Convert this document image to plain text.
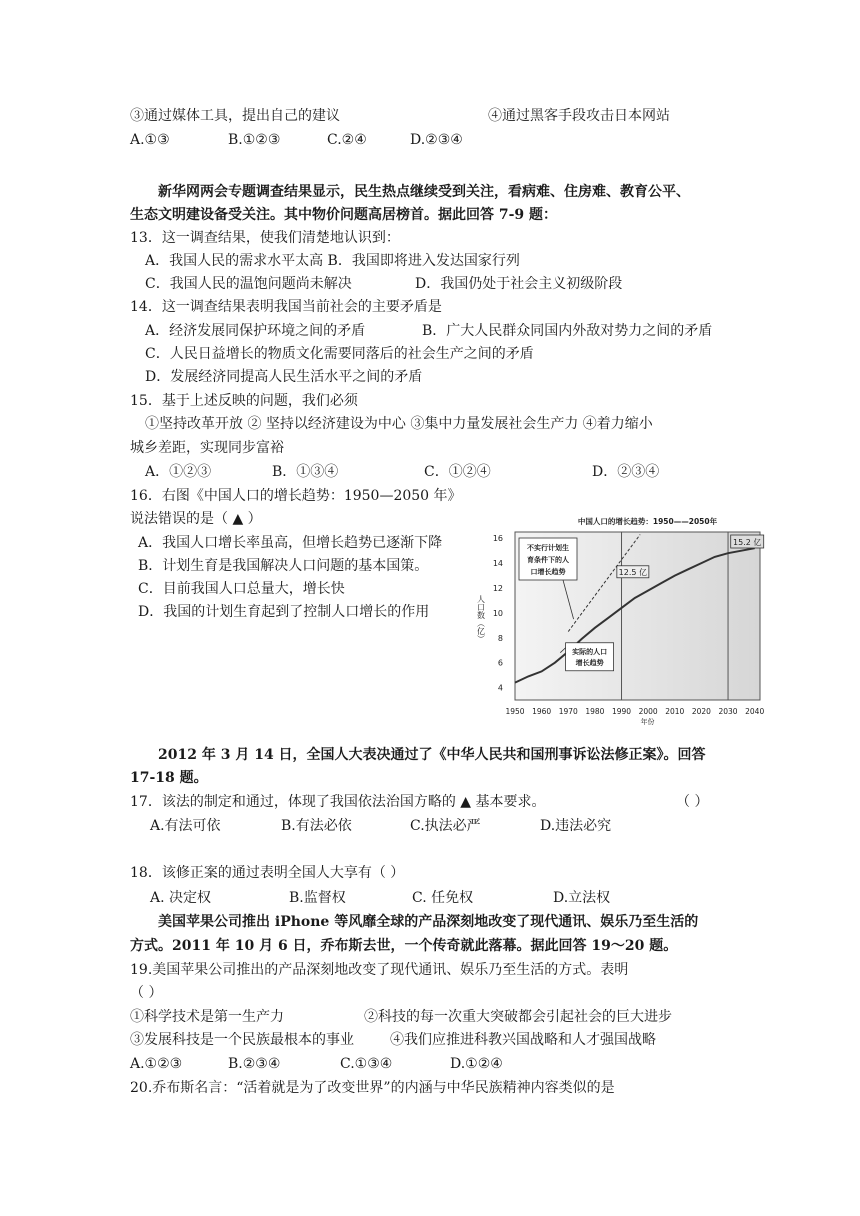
③通过媒体工具，提出自己的建议	④通过黑客手段攻击日本网站
A.①③	B.①②③	C.②④	D.②③④
新华网两会专题调查结果显示，民生热点继续受到关注，看病难、住房难、教育公平、
生态文明建设备受关注。其中物价问题高居榜首。据此回答 7-9 题：
13．这一调查结果，使我们清楚地认识到：
A．我国人民的需求水平太高 B．我国即将进入发达国家行列
C．我国人民的温饱问题尚未解决	D．我国仍处于社会主义初级阶段
14．这一调查结果表明我国当前社会的主要矛盾是
A．经济发展同保护环境之间的矛盾	B．广大人民群众同国内外敌对势力之间的矛盾
C．人民日益增长的物质文化需要同落后的社会生产之间的矛盾
D．发展经济同提高人民生活水平之间的矛盾
15．基于上述反映的问题，我们必须
①坚持改革开放 ② 坚持以经济建设为中心 ③集中力量发展社会生产力 ④着力缩小
城乡差距，实现同步富裕
A．①②③	B．①③④	C．①②④	D．②③④
16．右图《中国人口的增长趋势：1950—2050 年》
说法错误的是（ ▲ ）
A．我国人口增长率虽高，但增长趋势已逐渐下降
B．计划生育是我国解决人口问题的基本国策。
C．目前我国人口总量大，增长快
D．我国的计划生育起到了控制人口增长的作用
中国人口的增长趋势：1950——2050年
4
6
8
10
12
14
16
1950 1960 1970 1980 1990 2000 2010 2020 2030 2040
年份
人口数（亿）
12.5 亿
15.2 亿
不实行计划生
育条件下的人
口增长趋势
实际的人口
增长趋势
2012 年 3 月 14 日，全国人大表决通过了《中华人民共和国刑事诉讼法修正案》。回答
17-18 题。
17．该法的制定和通过，体现了我国依法治国方略的 ▲ 基本要求。	（ ）
A.有法可依	B.有法必依	C.执法必严	D.违法必究
18．该修正案的通过表明全国人大享有（ ）
A. 决定权	B.监督权	C. 任免权	D.立法权
美国苹果公司推出 iPhone 等风靡全球的产品深刻地改变了现代通讯、娱乐乃至生活的
方式。2011 年 10 月 6 日，乔布斯去世，一个传奇就此落幕。据此回答 19～20 题。
19.美国苹果公司推出的产品深刻地改变了现代通讯、娱乐乃至生活的方式。表明
（ ）
①科学技术是第一生产力	②科技的每一次重大突破都会引起社会的巨大进步
③发展科技是一个民族最根本的事业	④我们应推进科教兴国战略和人才强国战略
A.①②③	B.②③④	C.①③④	D.①②④
20.乔布斯名言：“活着就是为了改变世界”的内涵与中华民族精神内容类似的是
